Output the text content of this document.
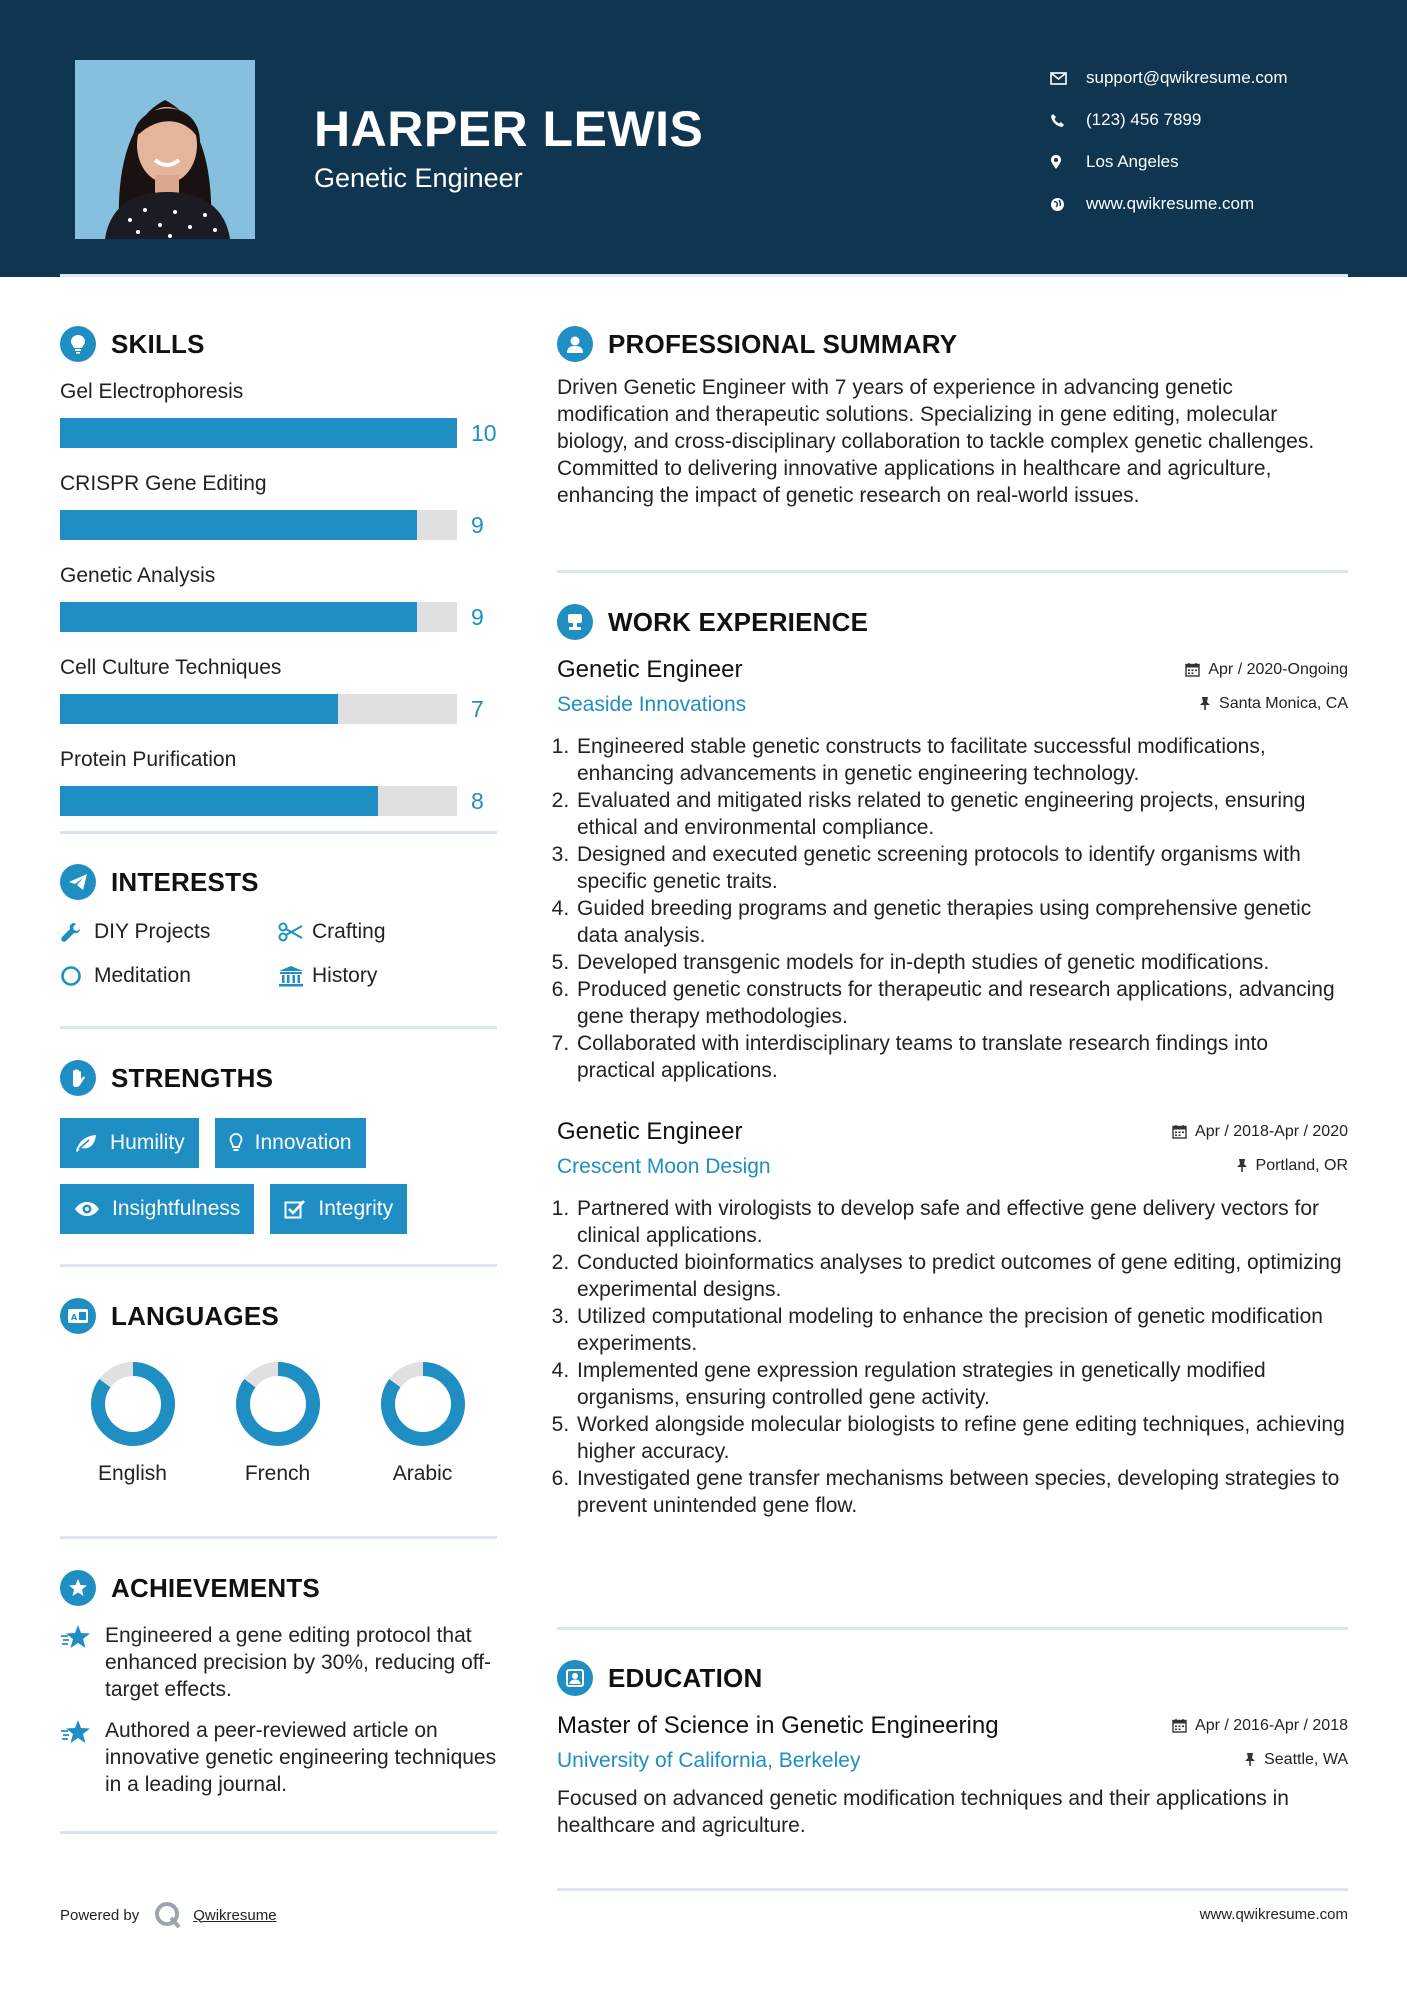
HARPER LEWIS
Genetic Engineer
support@qwikresume.com
(123) 456 7899
Los Angeles
www.qwikresume.com
SKILLS
Gel Electrophoresis
10
CRISPR Gene Editing
9
Genetic Analysis
9
Cell Culture Techniques
7
Protein Purification
8
INTERESTS
DIY Projects	Crafting
Meditation	History
STRENGTHS
Humility	Innovation
Insightfulness	Integrity
A LANGUAGES
English	French	Arabic
ACHIEVEMENTS
Engineered a gene editing protocol that enhanced precision by 30%, reducing off-target effects.
Authored a peer-reviewed article on innovative genetic engineering techniques in a leading journal.
PROFESSIONAL SUMMARY

Driven Genetic Engineer with 7 years of experience in advancing genetic modification and therapeutic solutions. Specializing in gene editing, molecular biology, and cross-disciplinary collaboration to tackle complex genetic challenges. Committed to delivering innovative applications in healthcare and agriculture, enhancing the impact of genetic research on real-world issues.

WORK EXPERIENCE
Genetic Engineer	Apr / 2020-Ongoing
Seaside Innovations	Santa Monica, CA
1. Engineered stable genetic constructs to facilitate successful modifications, enhancing advancements in genetic engineering technology.
2. Evaluated and mitigated risks related to genetic engineering projects, ensuring ethical and environmental compliance.
3. Designed and executed genetic screening protocols to identify organisms with specific genetic traits.
4. Guided breeding programs and genetic therapies using comprehensive genetic data analysis.
5. Developed transgenic models for in-depth studies of genetic modifications.
6. Produced genetic constructs for therapeutic and research applications, advancing gene therapy methodologies.
7. Collaborated with interdisciplinary teams to translate research findings into practical applications.
Genetic Engineer	Apr / 2018-Apr / 2020
Crescent Moon Design	Portland, OR
1. Partnered with virologists to develop safe and effective gene delivery vectors for clinical applications.
2. Conducted bioinformatics analyses to predict outcomes of gene editing, optimizing experimental designs.
3. Utilized computational modeling to enhance the precision of genetic modification experiments.
4. Implemented gene expression regulation strategies in genetically modified organisms, ensuring controlled gene activity.
5. Worked alongside molecular biologists to refine gene editing techniques, achieving higher accuracy.
6. Investigated gene transfer mechanisms between species, developing strategies to prevent unintended gene flow.
EDUCATION
Master of Science in Genetic Engineering	Apr / 2016-Apr / 2018
University of California, Berkeley	Seattle, WA

Focused on advanced genetic modification techniques and their applications in healthcare and agriculture.

Powered by	Qwikresume	www.qwikresume.com
